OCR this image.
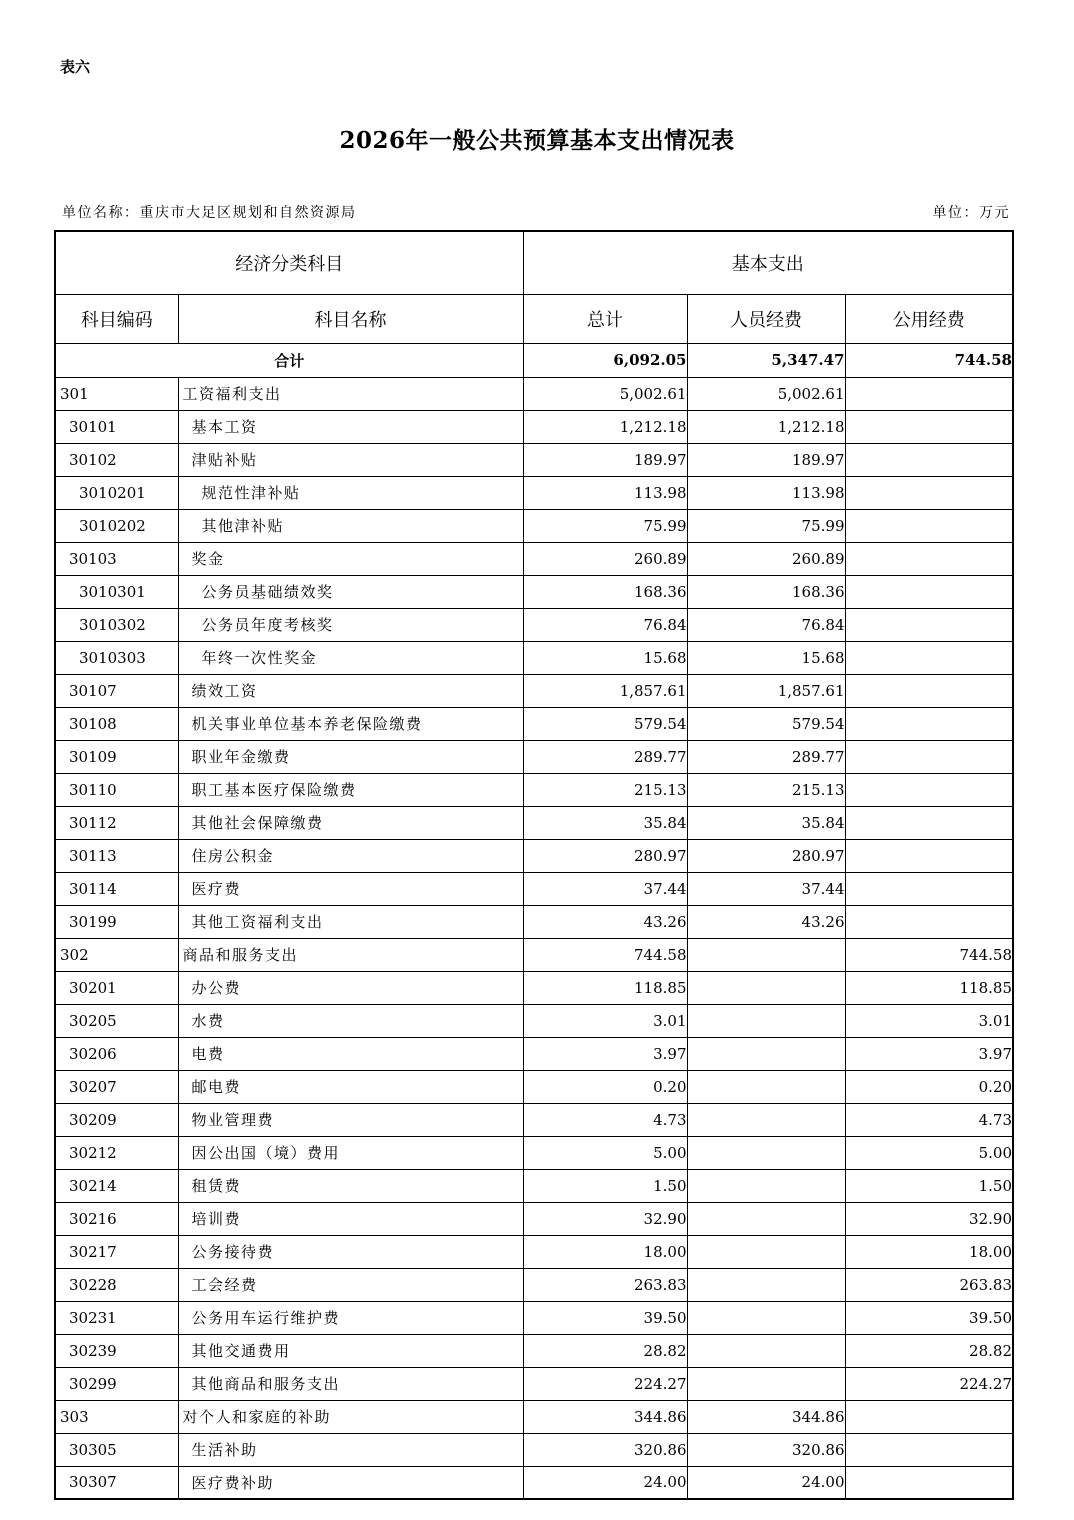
表六
2026年一般公共预算基本支出情况表
单位名称：重庆市大足区规划和自然资源局	单位：万元
经济分类科目		基本支出		
科目编码	科目名称	总计	人员经费	公用经费
合计		6,092.05	5,347.47	744.58
301	工资福利支出	5,002.61	5,002.61	
30101	基本工资	1,212.18	1,212.18	
30102	津贴补贴	189.97	189.97	
3010201	规范性津补贴	113.98	113.98	
3010202	其他津补贴	75.99	75.99	
30103	奖金	260.89	260.89	
3010301	公务员基础绩效奖	168.36	168.36	
3010302	公务员年度考核奖	76.84	76.84	
3010303	年终一次性奖金	15.68	15.68	
30107	绩效工资	1,857.61	1,857.61	
30108	机关事业单位基本养老保险缴费	579.54	579.54	
30109	职业年金缴费	289.77	289.77	
30110	职工基本医疗保险缴费	215.13	215.13	
30112	其他社会保障缴费	35.84	35.84	
30113	住房公积金	280.97	280.97	
30114	医疗费	37.44	37.44	
30199	其他工资福利支出	43.26	43.26	
302	商品和服务支出	744.58		744.58
30201	办公费	118.85		118.85
30205	水费	3.01		3.01
30206	电费	3.97		3.97
30207	邮电费	0.20		0.20
30209	物业管理费	4.73		4.73
30212	因公出国（境）费用	5.00		5.00
30214	租赁费	1.50		1.50
30216	培训费	32.90		32.90
30217	公务接待费	18.00		18.00
30228	工会经费	263.83		263.83
30231	公务用车运行维护费	39.50		39.50
30239	其他交通费用	28.82		28.82
30299	其他商品和服务支出	224.27		224.27
303	对个人和家庭的补助	344.86	344.86	
30305	生活补助	320.86	320.86	
30307	医疗费补助	24.00	24.00	
